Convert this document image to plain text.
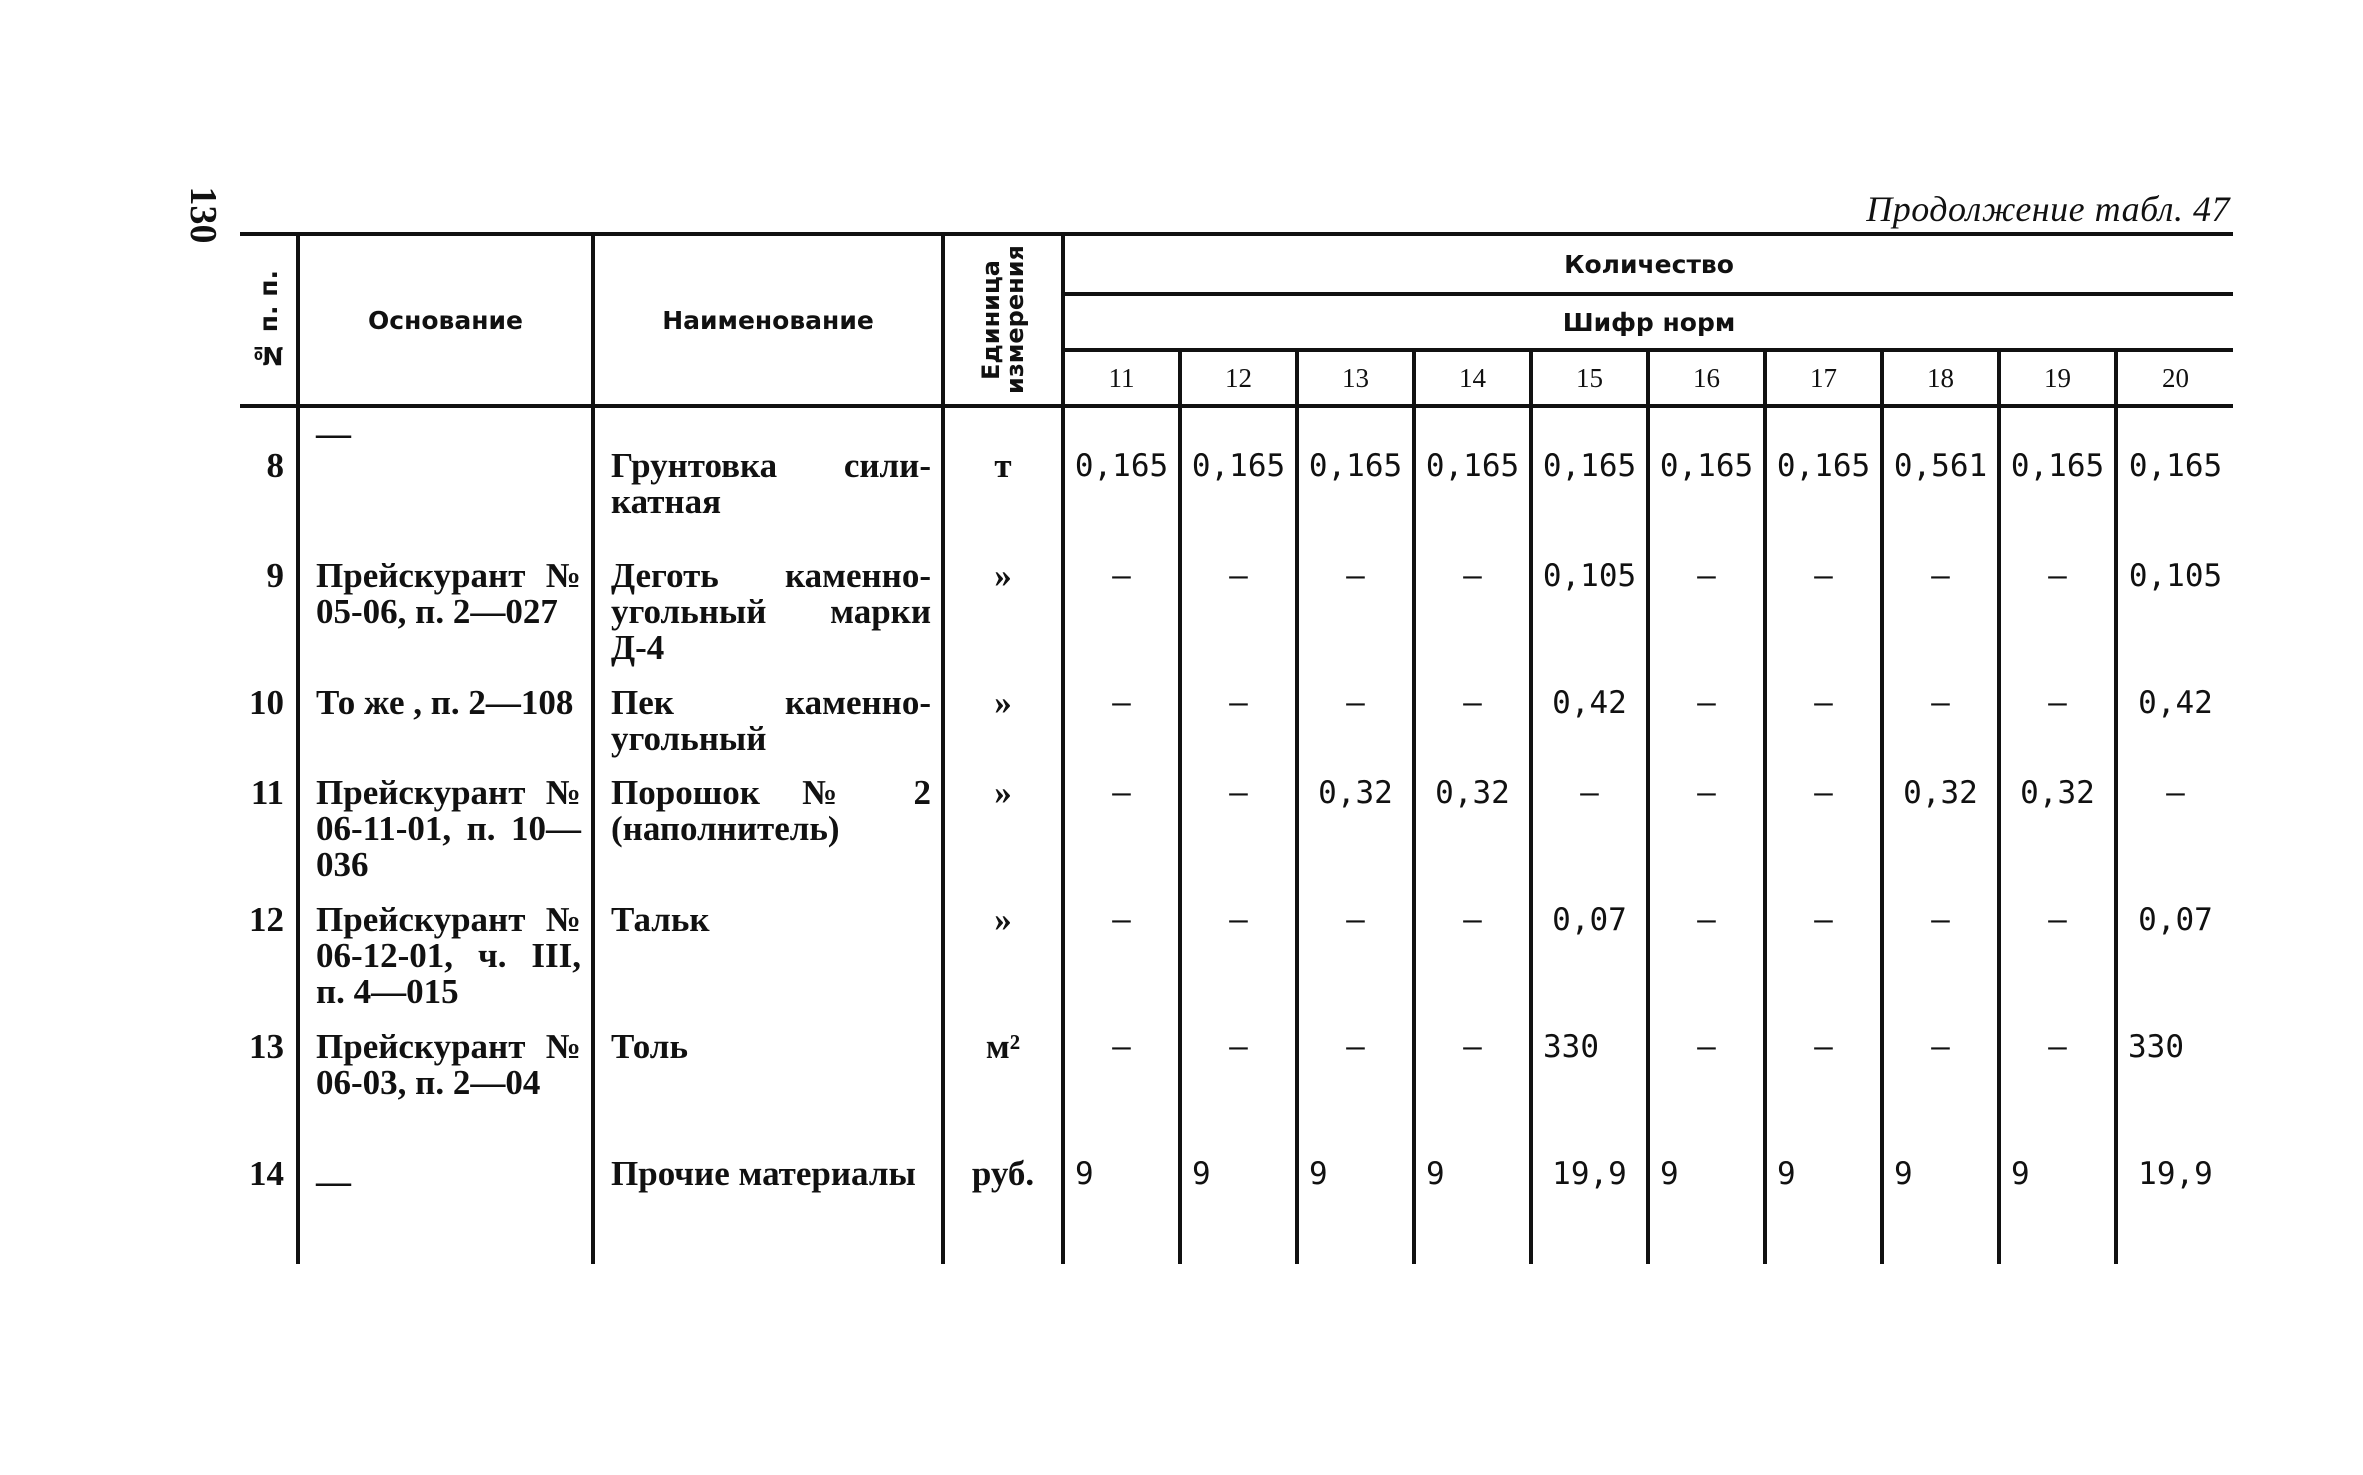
130	Продолжение табл. 47
№ п. п.	Основание	Наименование	Единица измерения	Количество									
				Шифр норм									
				11	12	13	14	15	16	17	18	19	20
8	—	Грунтовка силикатная	т	0,165	0,165	0,165	0,165	0,165	0,165	0,165	0,561	0,165	0,165
9	Прейскурант № 05-06, п. 2—027	Деготь каменноугольный марки Д-4	»	—	—	—	—	0,105	—	—	—	—	0,105
10	То же , п. 2—108	Пек каменноугольный	»	—	—	—	—	0,42	—	—	—	—	0,42
11	Прейскурант № 06-11-01, п. 10—036	Порошок № 2 (наполнитель)	»	—	—	0,32	0,32	—	—	—	0,32	0,32	—
12	Прейскурант № 06-12-01, ч. III, п. 4—015	Тальк	»	—	—	—	—	0,07	—	—	—	—	0,07
13	Прейскурант № 06-03, п. 2—04	Толь	м²	—	—	—	—	330	—	—	—	—	330
14	—	Прочие материалы	руб.	9	9	9	9	19,9	9	9	9	9	19,9
